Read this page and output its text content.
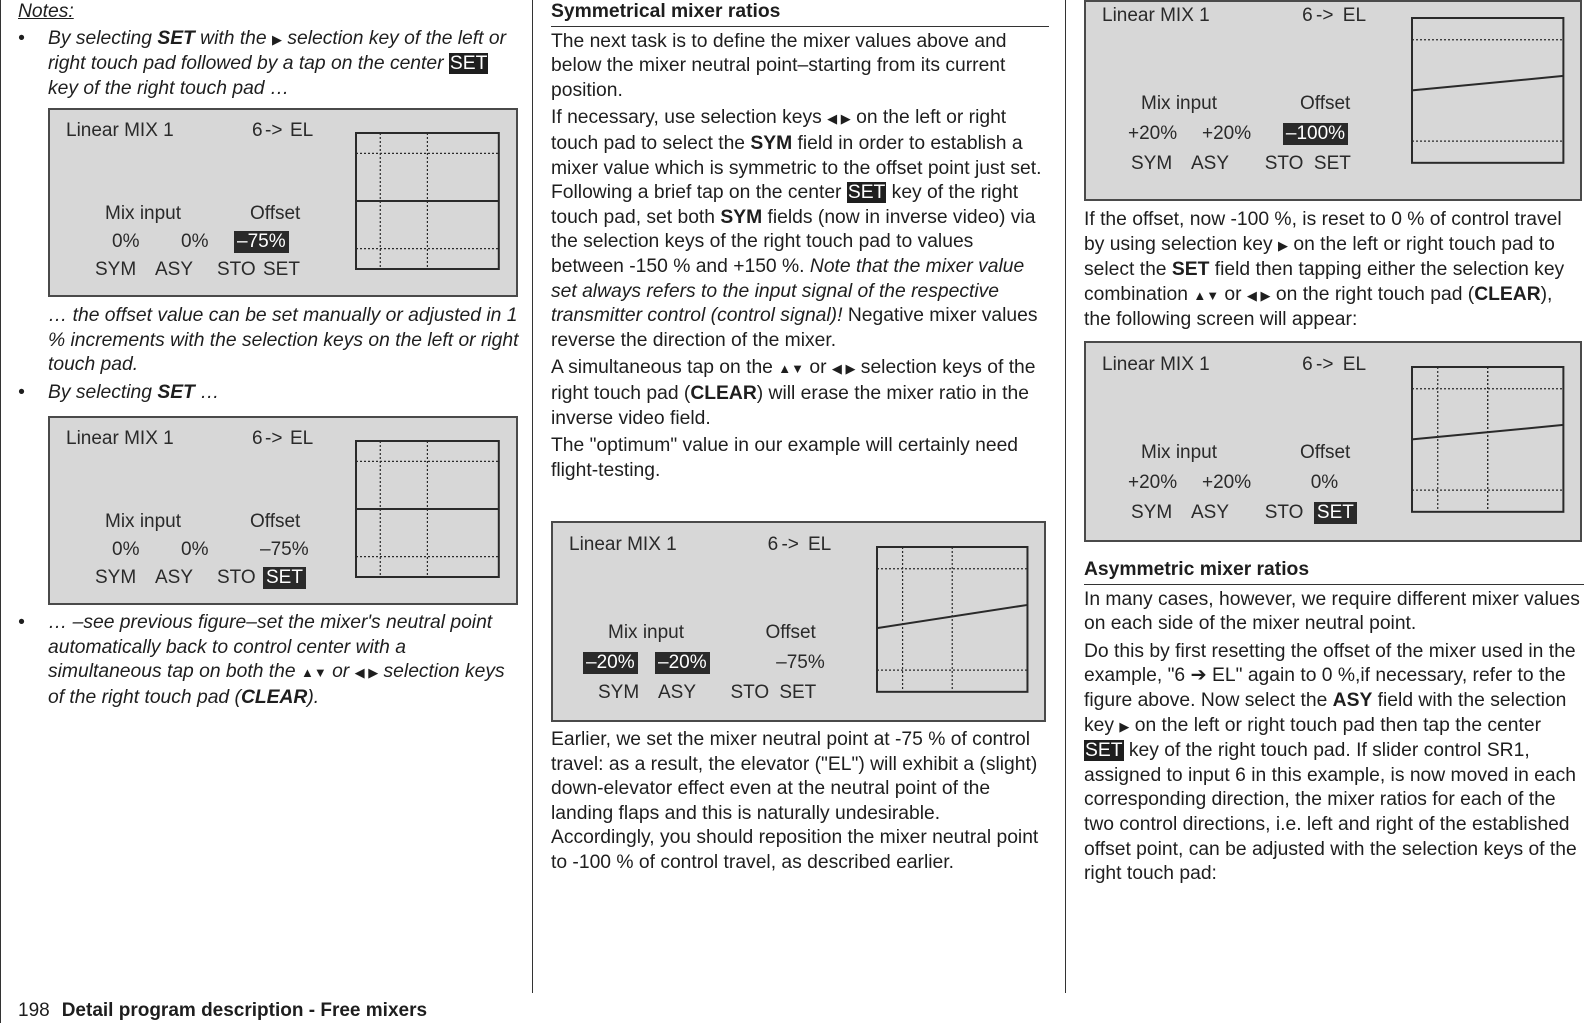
Notes:
• By selecting SET with the ▶ selection key of the left or right touch pad followed by a tap on the center SET key of the right touch pad …
… the offset value can be set manually or adjusted in 1 % increments with the selection keys on the left or right touch pad.
• By selecting SET …
• … –see previous figure–set the mixer's neutral point automatically back to control center with a simultaneous tap on both the ▲▼ or ◀ ▶ selection keys of the right touch pad (CLEAR).
Symmetrical mixer ratios

The next task is to define the mixer values above and below the mixer neutral point–starting from its current position.

If necessary, use selection keys ◀ ▶ on the left or right touch pad to select the SYM field in order to establish a mixer value which is symmetric to the offset point just set. Following a brief tap on the center SET key of the right touch pad, set both SYM fields (now in inverse video) via the selection keys of the right touch pad to values between -150 % and +150 %. Note that the mixer value set always refers to the input signal of the respective transmitter control (control signal)! Negative mixer values reverse the direction of the mixer.

A simultaneous tap on the ▲▼ or ◀ ▶ selection keys of the right touch pad (CLEAR) will erase the mixer ratio in the inverse video field.

The "optimum" value in our example will certainly need flight-testing.

Earlier, we set the mixer neutral point at -75 % of control travel: as a result, the elevator ("EL") will exhibit a (slight) down-elevator effect even at the neutral point of the landing flaps and this is naturally undesirable. Accordingly, you should reposition the mixer neutral point to -100 % of control travel, as described earlier.
If the offset, now -100 %, is reset to 0 % of control travel by using selection key ▶ on the left or right touch pad to select the SET field then tapping either the selection key combination ▲▼ or ◀ ▶ on the right touch pad (CLEAR), the following screen will appear:
Asymmetric mixer ratios

In many cases, however, we require different mixer values on each side of the mixer neutral point.

Do this by first resetting the offset of the mixer used in the example, "6 ➔ EL" again to 0 %,if necessary, refer to the figure above. Now select the ASY field with the selection key ▶ on the left or right touch pad then tap the center SET key of the right touch pad. If slider control SR1, assigned to input 6 in this example, is now moved in each corresponding direction, the mixer ratios for each of the two control directions, i.e. left and right of the established offset point, can be adjusted with the selection keys of the right touch pad:

Linear MIX 1	6 -> EL
Mix input	Offset
0% 0% –75%
SYM ASY STO SET
Linear MIX 1	6 -> EL
Mix input	Offset
0% 0%	–75%
SYM ASY STO SET
Linear MIX 1	6 -> EL
Mix input	Offset
–20% –20%	–75%
SYM ASY STO SET
Linear MIX 1	6 -> EL
Mix input	Offset
+20% +20% –100%
SYM ASY STO SET
Linear MIX 1	6 -> EL
Mix input	Offset
+20% +20%	0%
SYM ASY STO SET
198 Detail program description - Free mixers
